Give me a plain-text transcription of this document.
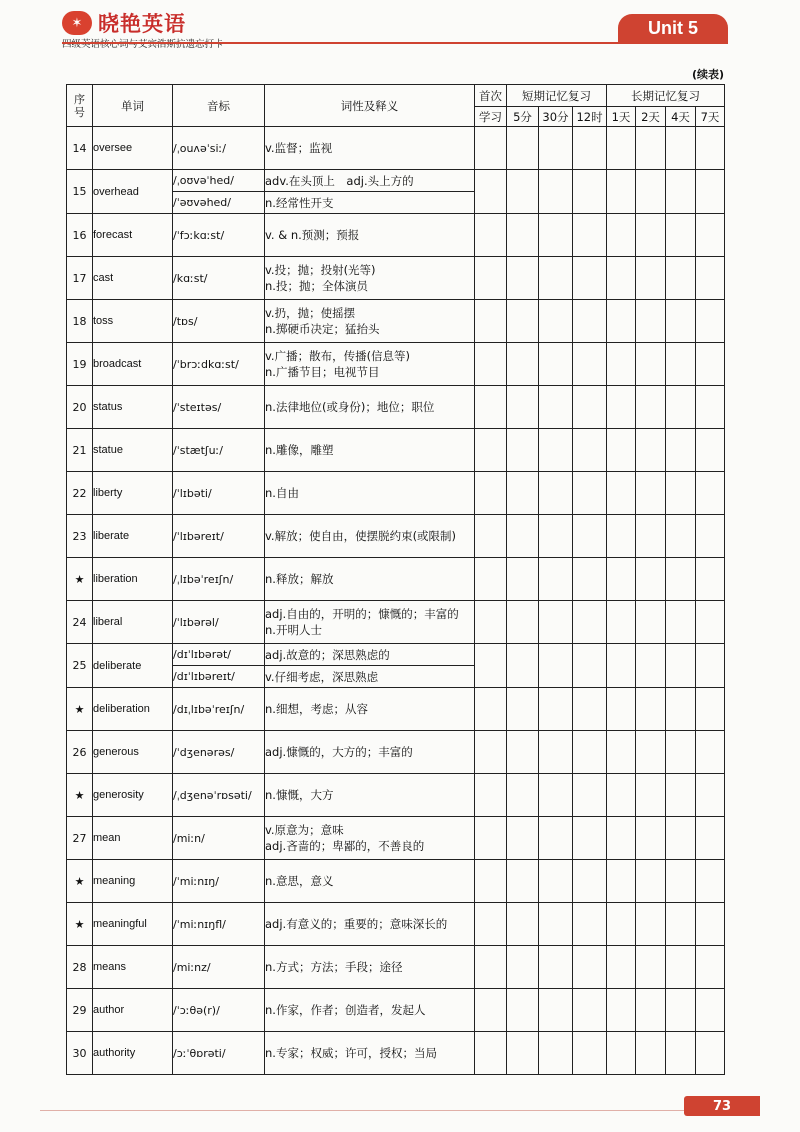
✶ 晓艳英语
四级英语核心词与艾宾浩斯抗遗忘打卡
Unit 5
(续表)
序号	单词	音标	词性及释义	首次	短期记忆复习			长期记忆复习			
				学习	5分	30分	12时	1天	2天	4天	7天
14	oversee	/ˌouʌəˈsiː/	v.监督；监视								

15	overhead	/ˌoʊvəˈhed/	adv.在头顶上　adj.头上方的								

		/ˈəʊvəhed/	n.经常性开支								

16	forecast	/ˈfɔːkɑːst/	v. & n.预测；预报								

17	cast	/kɑːst/	v.投；抛；投射(光等)
n.投；抛；全体演员								

18	toss	/tɒs/	v.扔，抛；使摇摆
n.掷硬币决定；猛抬头								

19	broadcast	/ˈbrɔːdkɑːst/	v.广播；散布，传播(信息等)
n.广播节目；电视节目								

20	status	/ˈsteɪtəs/	n.法律地位(或身份)；地位；职位								

21	statue	/ˈstætʃuː/	n.雕像，雕塑								

22	liberty	/ˈlɪbəti/	n.自由								

23	liberate	/ˈlɪbəreɪt/	v.解放；使自由，使摆脱约束(或限制)								

★	liberation	/ˌlɪbəˈreɪʃn/	n.释放；解放								

24	liberal	/ˈlɪbərəl/	adj.自由的，开明的；慷慨的；丰富的
n.开明人士								

25	deliberate	/dɪˈlɪbərət/	adj.故意的；深思熟虑的								

		/dɪˈlɪbəreɪt/	v.仔细考虑，深思熟虑								

★	deliberation	/dɪˌlɪbəˈreɪʃn/	n.细想，考虑；从容								

26	generous	/ˈdʒenərəs/	adj.慷慨的，大方的；丰富的								

★	generosity	/ˌdʒenəˈrɒsəti/	n.慷慨，大方								

27	mean	/miːn/	v.原意为；意味
adj.吝啬的；卑鄙的，不善良的								

★	meaning	/ˈmiːnɪŋ/	n.意思，意义								

★	meaningful	/ˈmiːnɪŋfl/	adj.有意义的；重要的；意味深长的								

28	means	/miːnz/	n.方式；方法；手段；途径								

29	author	/ˈɔːθə(r)/	n.作家，作者；创造者，发起人								

30	authority	/ɔːˈθɒrəti/	n.专家；权威；许可，授权；当局								

73
